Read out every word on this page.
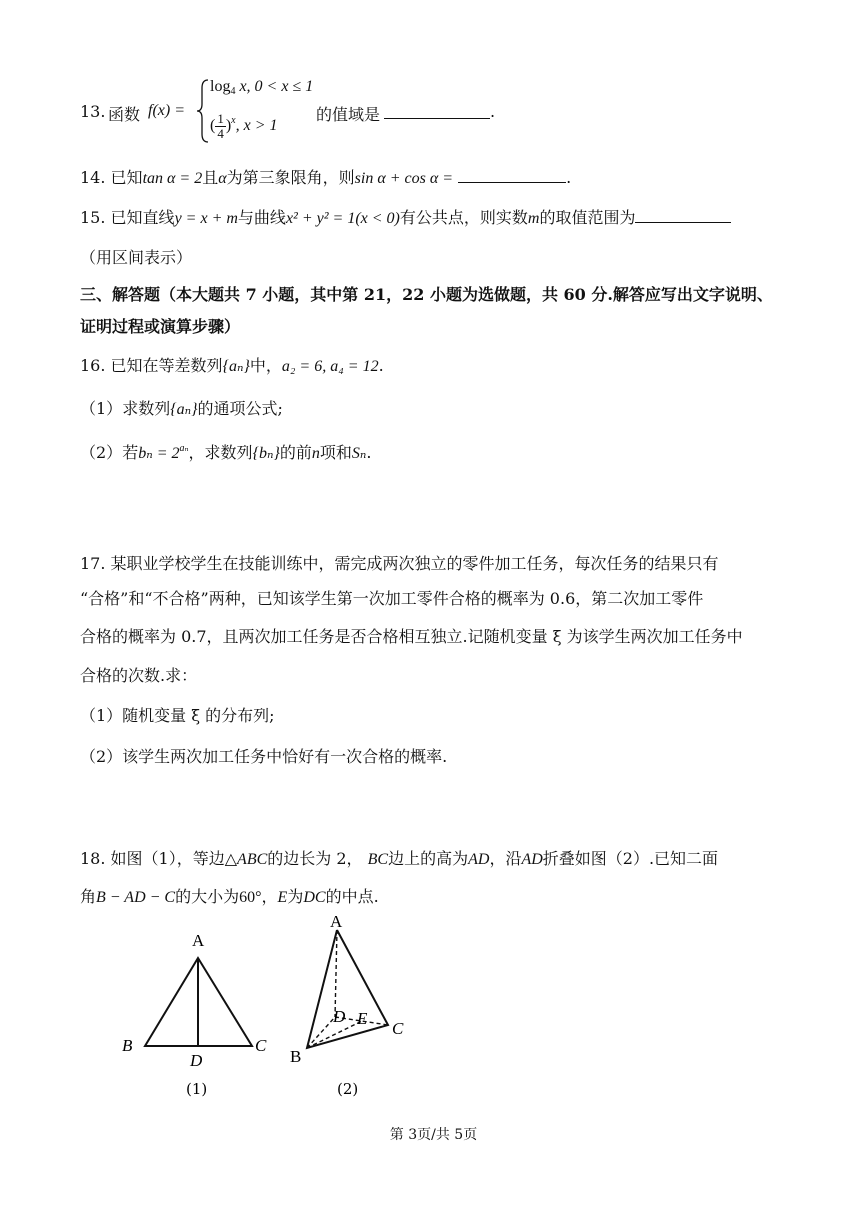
13. 函数 f(x) =
$\log_4 x$, 0 < x ≤ 1
( $\frac{1}{4} )^x$, x > 1
的值域是	.
14. 已知tan α = 2且α为第三象限角，则sin α + cos α =	.
15. 已知直线y = x + m与曲线x² + y² = 1(x < 0)有公共点，则实数m的取值范围为
（用区间表示）
三、解答题（本大题共 7 小题，其中第 21，22 小题为选做题，共 60 分.解答应写出文字说明、
证明过程或演算步骤）
16. 已知在等差数列{aₙ}中，a₂ = 6, a₄ = 12.
（1）求数列{aₙ}的通项公式;
（2）若$b_n = 2^{a_n}$，求数列{bₙ}的前n项和Sₙ.
17. 某职业学校学生在技能训练中，需完成两次独立的零件加工任务，每次任务的结果只有
“合格”和“不合格”两种，已知该学生第一次加工零件合格的概率为 0.6，第二次加工零件
合格的概率为 0.7，且两次加工任务是否合格相互独立.记随机变量 ξ 为该学生两次加工任务中
合格的次数.求：
（1）随机变量 ξ 的分布列;
（2）该学生两次加工任务中恰好有一次合格的概率.
18. 如图（1），等边△ABC的边长为 2， BC边上的高为AD，沿AD折叠如图（2）.已知二面
角B − AD − C的大小为60°，E为DC的中点.
A
B	C
D
(1)
A
B
C
D E
(2)
第 3页/共 5页
